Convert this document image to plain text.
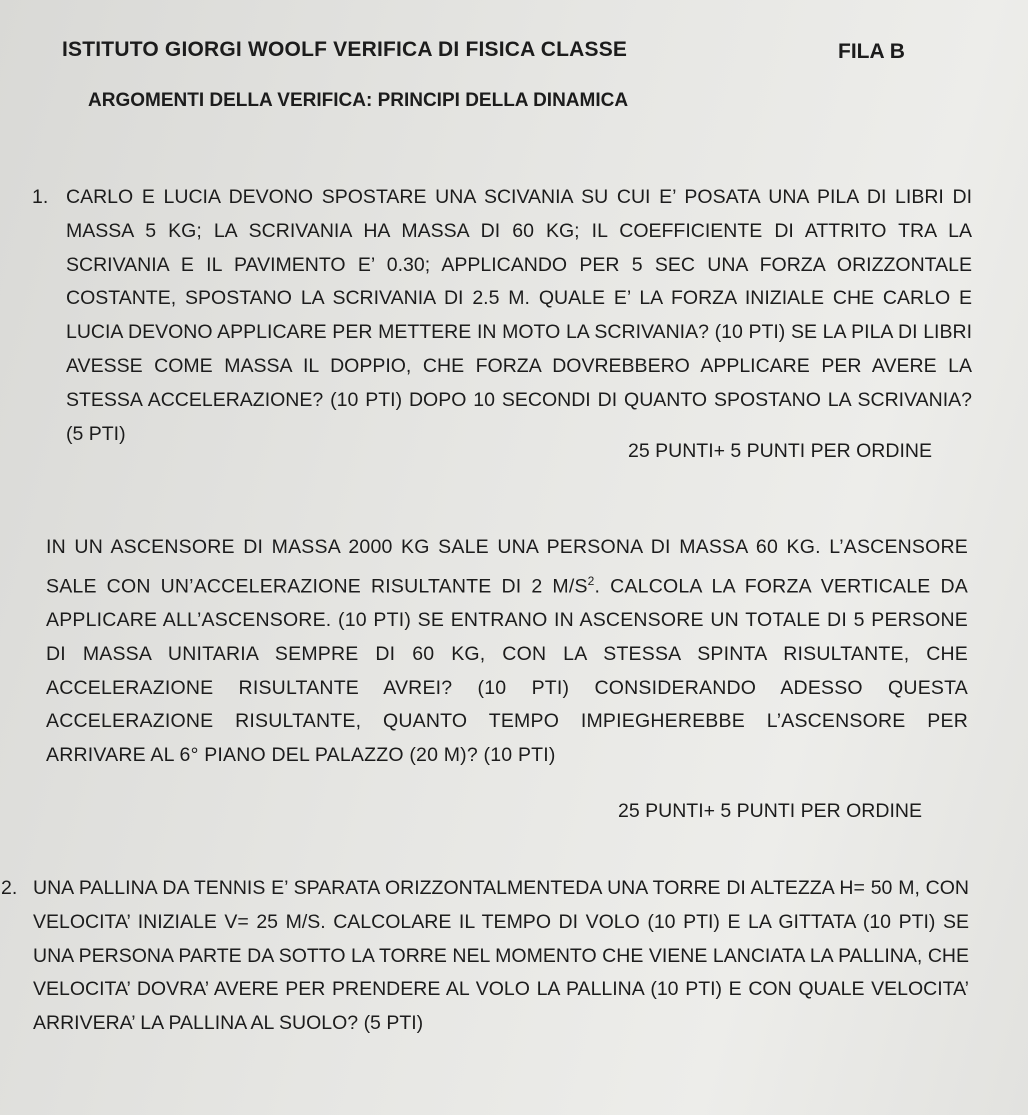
ISTITUTO GIORGI WOOLF VERIFICA DI FISICA CLASSE	FILA B
ARGOMENTI DELLA VERIFICA: PRINCIPI DELLA DINAMICA
1. CARLO E LUCIA DEVONO SPOSTARE UNA SCIVANIA SU CUI E’ POSATA UNA PILA DI LIBRI DI MASSA 5 KG; LA SCRIVANIA HA MASSA DI 60 KG; IL COEFFICIENTE DI ATTRITO TRA LA SCRIVANIA E IL PAVIMENTO E’ 0.30; APPLICANDO PER 5 SEC UNA FORZA ORIZZONTALE COSTANTE, SPOSTANO LA SCRIVANIA DI 2.5 M. QUALE E’ LA FORZA INIZIALE CHE CARLO E LUCIA DEVONO APPLICARE PER METTERE IN MOTO LA SCRIVANIA? (10 PTI) SE LA PILA DI LIBRI AVESSE COME MASSA IL DOPPIO, CHE FORZA DOVREBBERO APPLICARE PER AVERE LA STESSA ACCELERAZIONE? (10 PTI) DOPO 10 SECONDI DI QUANTO SPOSTANO LA SCRIVANIA? (5 PTI)
25 PUNTI+ 5 PUNTI PER ORDINE
IN UN ASCENSORE DI MASSA 2000 KG SALE UNA PERSONA DI MASSA 60 KG. L’ASCENSORE SALE CON UN’ACCELERAZIONE RISULTANTE DI 2 $M/S^2$. CALCOLA LA FORZA VERTICALE DA APPLICARE ALL’ASCENSORE. (10 PTI) SE ENTRANO IN ASCENSORE UN TOTALE DI 5 PERSONE DI MASSA UNITARIA SEMPRE DI 60 KG, CON LA STESSA SPINTA RISULTANTE, CHE ACCELERAZIONE RISULTANTE AVREI? (10 PTI) CONSIDERANDO ADESSO QUESTA ACCELERAZIONE RISULTANTE, QUANTO TEMPO IMPIEGHEREBBE L’ASCENSORE PER ARRIVARE AL 6° PIANO DEL PALAZZO (20 M)? (10 PTI)
25 PUNTI+ 5 PUNTI PER ORDINE
2. UNA PALLINA DA TENNIS E’ SPARATA ORIZZONTALMENTEDA UNA TORRE DI ALTEZZA H= 50 M, CON VELOCITA’ INIZIALE V= 25 M/S. CALCOLARE IL TEMPO DI VOLO (10 PTI) E LA GITTATA (10 PTI) SE UNA PERSONA PARTE DA SOTTO LA TORRE NEL MOMENTO CHE VIENE LANCIATA LA PALLINA, CHE VELOCITA’ DOVRA’ AVERE PER PRENDERE AL VOLO LA PALLINA (10 PTI) E CON QUALE VELOCITA’ ARRIVERA’ LA PALLINA AL SUOLO? (5 PTI)
